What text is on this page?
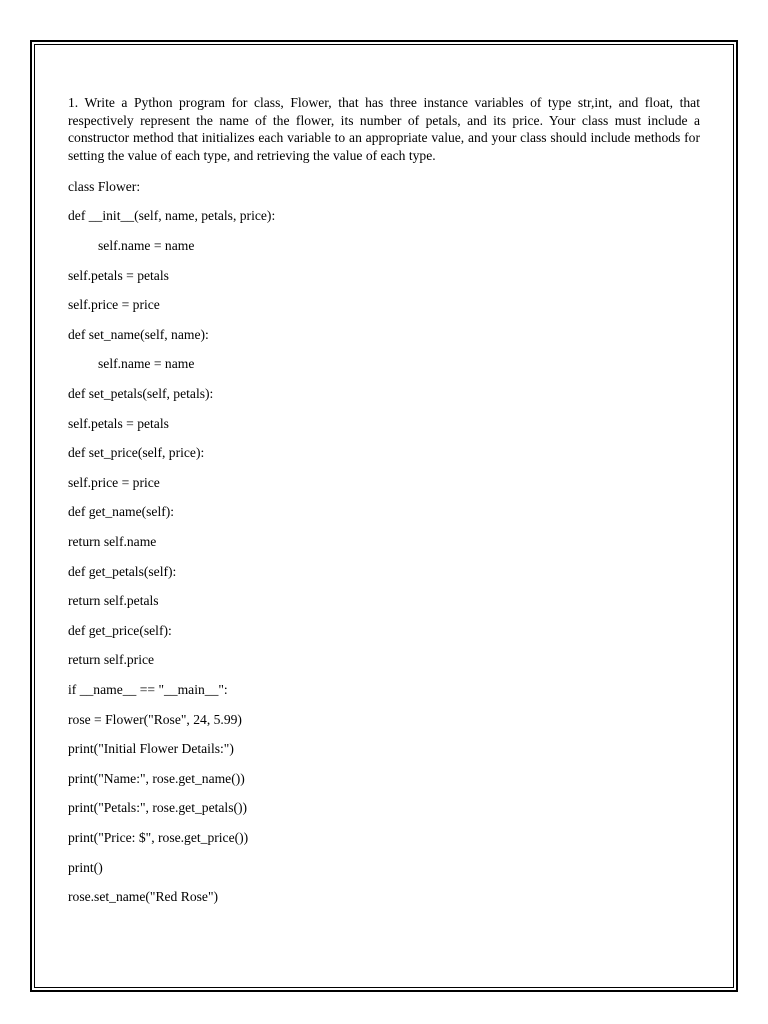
1. Write a Python program for class, Flower, that has three instance variables of type str,int, and float, that respectively represent the name of the flower, its number of petals, and its price. Your class must include a constructor method that initializes each variable to an appropriate value, and your class should include methods for setting the value of each type, and retrieving the value of each type.

class Flower:
def __init__(self, name, petals, price):
self.name = name
self.petals = petals
self.price = price
def set_name(self, name):
self.name = name
def set_petals(self, petals):
self.petals = petals
def set_price(self, price):
self.price = price
def get_name(self):
return self.name
def get_petals(self):
return self.petals
def get_price(self):
return self.price
if __name__ == "__main__":
rose = Flower("Rose", 24, 5.99)
print("Initial Flower Details:")
print("Name:", rose.get_name())
print("Petals:", rose.get_petals())
print("Price: $", rose.get_price())
print()
rose.set_name("Red Rose")
